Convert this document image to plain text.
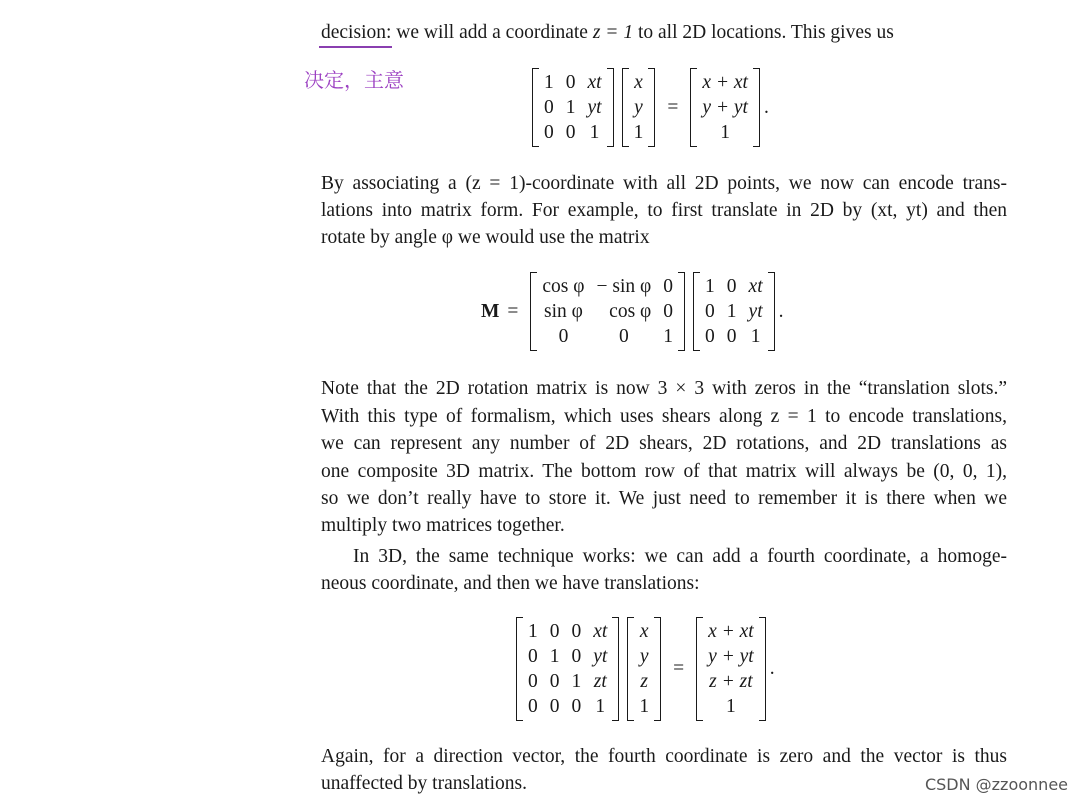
decision: we will add a coordinate z = 1 to all 2D locations. This gives us
决定，主意	1	0	xt
0	1	yt
0	0	1
x
y
1
=
x + xt
y + yt
1
.
By associating a (z = 1)-coordinate with all 2D points, we now can encode trans-
lations into matrix form. For example, to first translate in 2D by (xt, yt) and then
rotate by angle φ we would use the matrix
M =
cos φ	− sin φ	0
sin φ	cos φ	0
0	0	1
1	0	xt
0	1	yt
0	0	1
.
Note that the 2D rotation matrix is now 3 × 3 with zeros in the “translation slots.”
With this type of formalism, which uses shears along z = 1 to encode translations,
we can represent any number of 2D shears, 2D rotations, and 2D translations as
one composite 3D matrix. The bottom row of that matrix will always be (0, 0, 1),
so we don’t really have to store it. We just need to remember it is there when we
multiply two matrices together.
In 3D, the same technique works: we can add a fourth coordinate, a homoge-
neous coordinate, and then we have translations:
1	0	0	xt
0	1	0	yt
0	0	1	zt
0	0	0	1
x
y
z
1
=
x + xt
y + yt
z + zt
1
.
Again, for a direction vector, the fourth coordinate is zero and the vector is thus
unaffected by translations.	CSDN @zzoonnee
